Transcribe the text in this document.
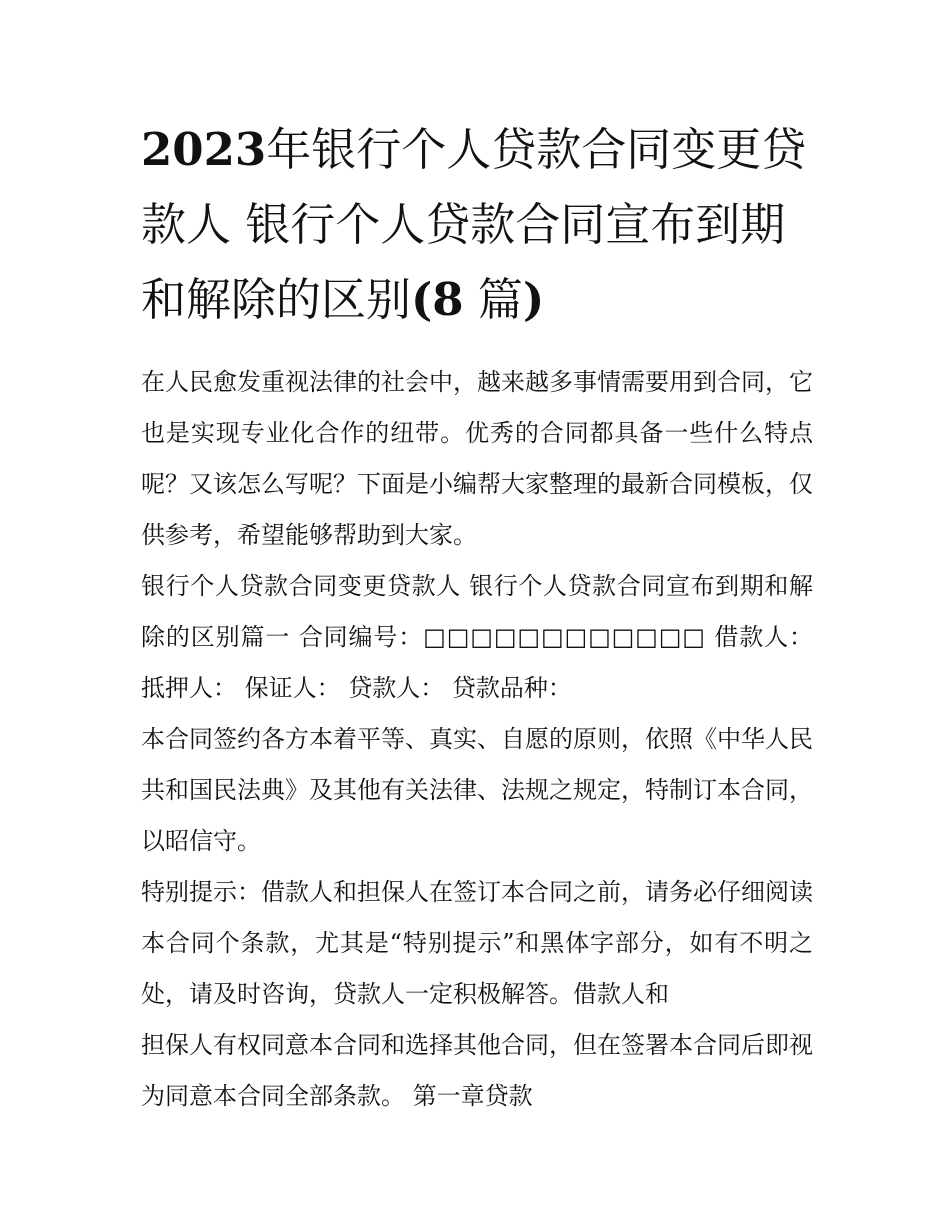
2023年银行个人贷款合同变更贷款人 银行个人贷款合同宣布到期和解除的区别(8 篇)

在人民愈发重视法律的社会中，越来越多事情需要用到合同，它也是实现专业化合作的纽带。优秀的合同都具备一些什么特点呢？又该怎么写呢？下面是小编帮大家整理的最新合同模板，仅供参考，希望能够帮助到大家。

银行个人贷款合同变更贷款人 银行个人贷款合同宣布到期和解除的区别篇一 合同编号：□□□□□□□□□□□□ 借款人： 抵押人： 保证人： 贷款人： 贷款品种：

本合同签约各方本着平等、真实、自愿的原则，依照《中华人民共和国民法典》及其他有关法律、法规之规定，特制订本合同，以昭信守。

特别提示：借款人和担保人在签订本合同之前，请务必仔细阅读本合同个条款，尤其是“特别提示”和黑体字部分，如有不明之处，请及时咨询，贷款人一定积极解答。借款人和

担保人有权同意本合同和选择其他合同，但在签署本合同后即视为同意本合同全部条款。 第一章贷款
